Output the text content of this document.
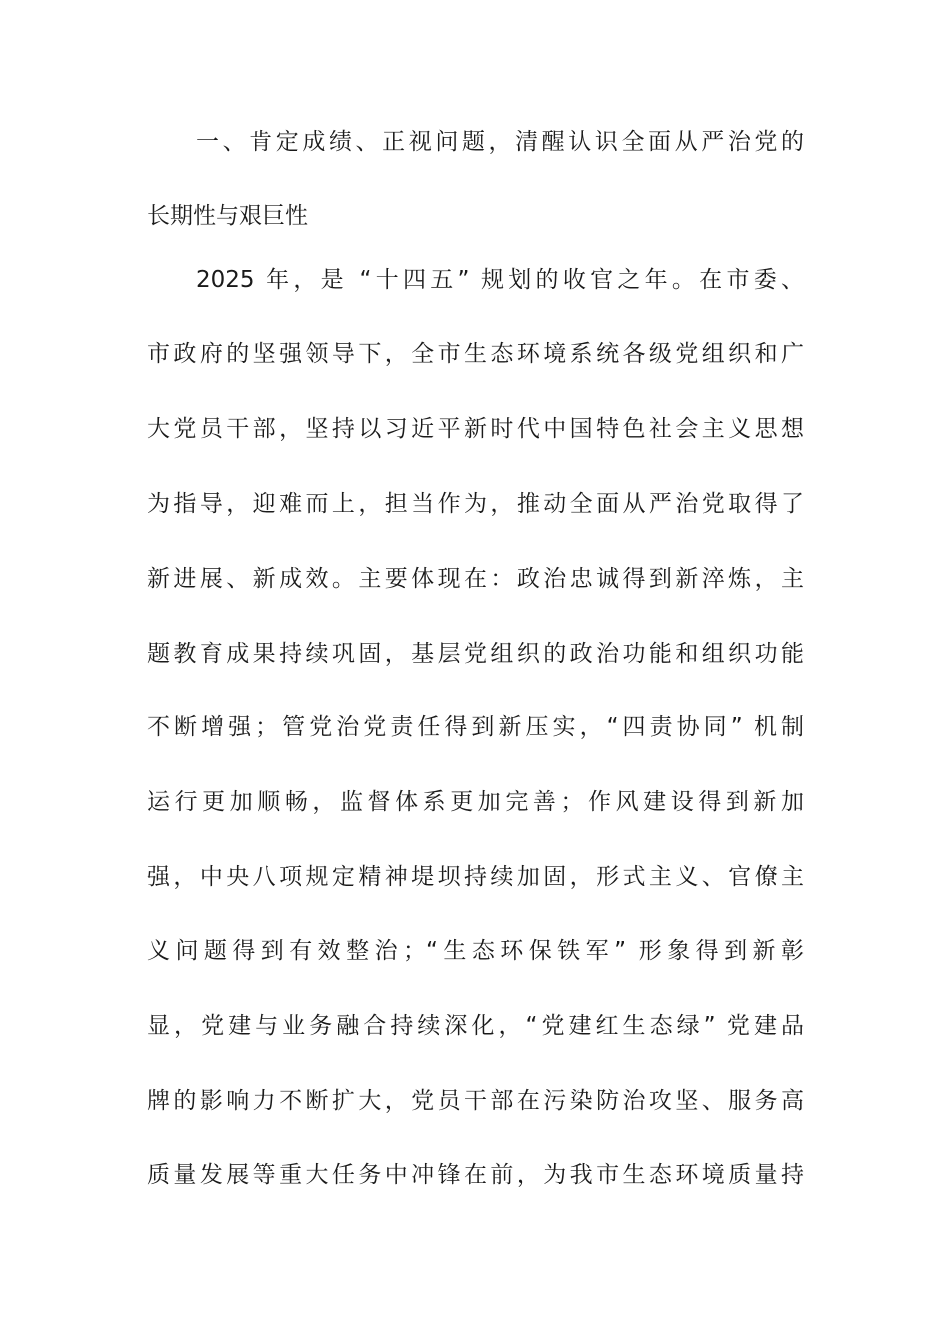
一、肯定成绩、正视问题，清醒认识全面从严治党的
长期性与艰巨性
2025 年，是 “十四五” 规划的收官之年。在市委、
市政府的坚强领导下，全市生态环境系统各级党组织和广
大党员干部，坚持以习近平新时代中国特色社会主义思想
为指导，迎难而上，担当作为，推动全面从严治党取得了
新进展、新成效。主要体现在：政治忠诚得到新淬炼，主
题教育成果持续巩固，基层党组织的政治功能和组织功能
不断增强；管党治党责任得到新压实，“四责协同” 机制
运行更加顺畅，监督体系更加完善；作风建设得到新加
强，中央八项规定精神堤坝持续加固，形式主义、官僚主
义问题得到有效整治；“生态环保铁军” 形象得到新彰
显，党建与业务融合持续深化，“党建红生态绿” 党建品
牌的影响力不断扩大，党员干部在污染防治攻坚、服务高
质量发展等重大任务中冲锋在前，为我市生态环境质量持
